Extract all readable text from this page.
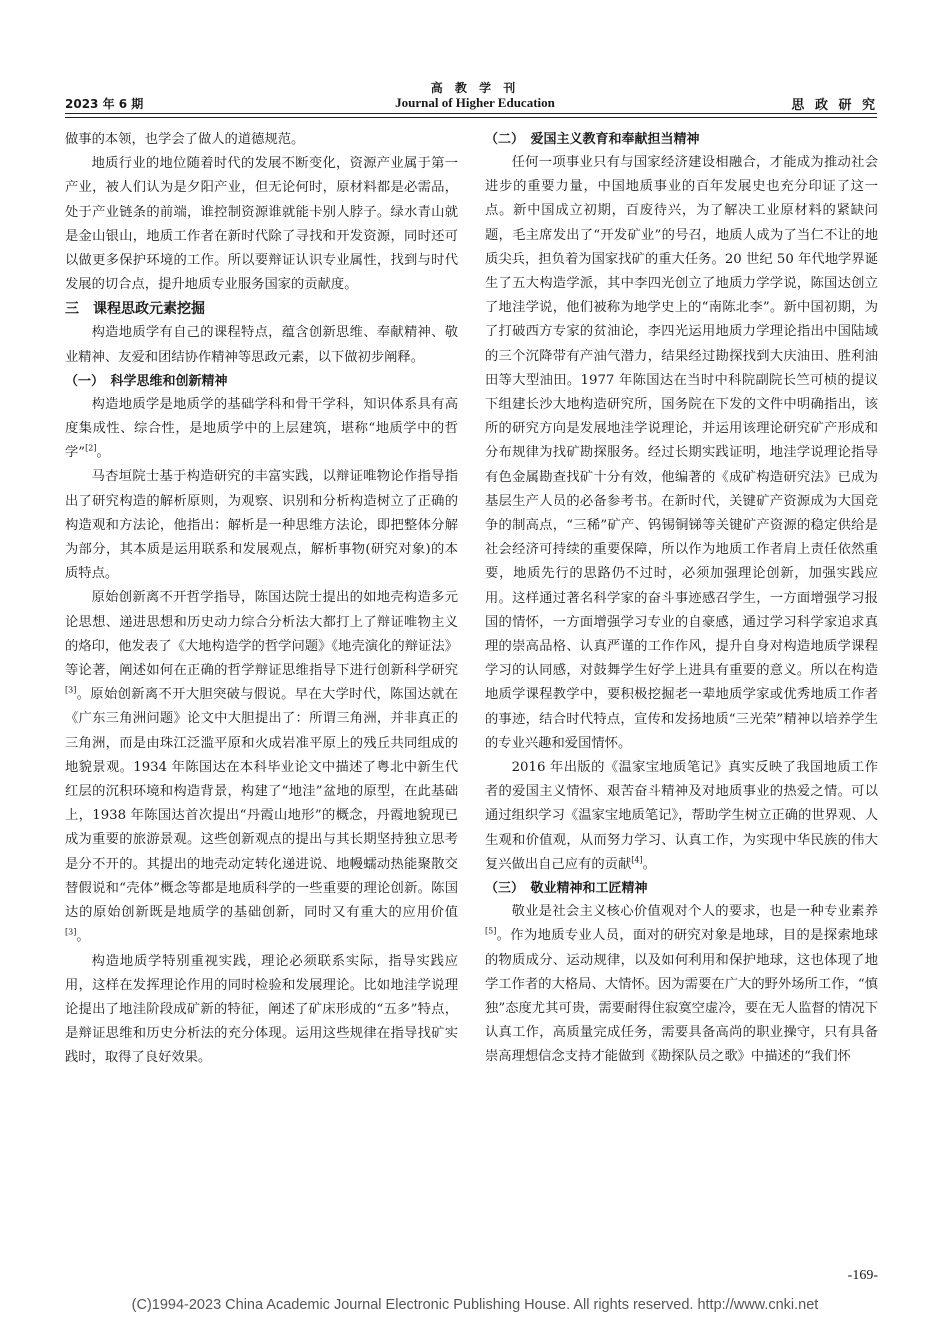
高 教 学 刊
2023 年 6 期	Journal of Higher Education	思 政 研 究

做事的本领，也学会了做人的道德规范。

地质行业的地位随着时代的发展不断变化，资源产业属于第一产业，被人们认为是夕阳产业，但无论何时，原材料都是必需品，处于产业链条的前端，谁控制资源谁就能卡别人脖子。绿水青山就是金山银山，地质工作者在新时代除了寻找和开发资源，同时还可以做更多保护环境的工作。所以要辩证认识专业属性，找到与时代发展的切合点，提升地质专业服务国家的贡献度。

三　课程思政元素挖掘

构造地质学有自己的课程特点，蕴含创新思维、奉献精神、敬业精神、友爱和团结协作精神等思政元素，以下做初步阐释。

（一）　科学思维和创新精神

构造地质学是地质学的基础学科和骨干学科，知识体系具有高度集成性、综合性，是地质学中的上层建筑，堪称“地质学中的哲学”[2]。

马杏垣院士基于构造研究的丰富实践，以辩证唯物论作指导指出了研究构造的解析原则，为观察、识别和分析构造树立了正确的构造观和方法论，他指出：解析是一种思维方法论，即把整体分解为部分，其本质是运用联系和发展观点，解析事物(研究对象)的本质特点。

原始创新离不开哲学指导，陈国达院士提出的如地壳构造多元论思想、递进思想和历史动力综合分析法大都打上了辩证唯物主义的烙印，他发表了《大地构造学的哲学问题》《地壳演化的辩证法》等论著，阐述如何在正确的哲学辩证思维指导下进行创新科学研究[3]。原始创新离不开大胆突破与假说。早在大学时代，陈国达就在《广东三角洲问题》论文中大胆提出了：所谓三角洲，并非真正的三角洲，而是由珠江泛滥平原和火成岩准平原上的残丘共同组成的地貌景观。1934 年陈国达在本科毕业论文中描述了粤北中新生代红层的沉积环境和构造背景，构建了“地洼”盆地的原型，在此基础上，1938 年陈国达首次提出“丹霞山地形”的概念，丹霞地貌现已成为重要的旅游景观。这些创新观点的提出与其长期坚持独立思考是分不开的。其提出的地壳动定转化递进说、地幔蠕动热能聚散交替假说和“壳体”概念等都是地质科学的一些重要的理论创新。陈国达的原始创新既是地质学的基础创新，同时又有重大的应用价值[3]。

构造地质学特别重视实践，理论必须联系实际，指导实践应用，这样在发挥理论作用的同时检验和发展理论。比如地洼学说理论提出了地洼阶段成矿新的特征，阐述了矿床形成的“五多”特点，是辩证思维和历史分析法的充分体现。运用这些规律在指导找矿实践时，取得了良好效果。

（二）　爱国主义教育和奉献担当精神

任何一项事业只有与国家经济建设相融合，才能成为推动社会进步的重要力量，中国地质事业的百年发展史也充分印证了这一点。新中国成立初期，百废待兴，为了解决工业原材料的紧缺问题，毛主席发出了“开发矿业”的号召，地质人成为了当仁不让的地质尖兵，担负着为国家找矿的重大任务。20 世纪 50 年代地学界诞生了五大构造学派，其中李四光创立了地质力学学说，陈国达创立了地洼学说，他们被称为地学史上的“南陈北李”。新中国初期，为了打破西方专家的贫油论，李四光运用地质力学理论指出中国陆域的三个沉降带有产油气潜力，结果经过勘探找到大庆油田、胜利油田等大型油田。1977 年陈国达在当时中科院副院长竺可桢的提议下组建长沙大地构造研究所，国务院在下发的文件中明确指出，该所的研究方向是发展地洼学说理论，并运用该理论研究矿产形成和分布规律为找矿勘探服务。经过长期实践证明，地洼学说理论指导有色金属勘查找矿十分有效，他编著的《成矿构造研究法》已成为基层生产人员的必备参考书。在新时代，关键矿产资源成为大国竞争的制高点，“三稀”矿产、钨锡铜锑等关键矿产资源的稳定供给是社会经济可持续的重要保障，所以作为地质工作者肩上责任依然重要，地质先行的思路仍不过时，必须加强理论创新，加强实践应用。这样通过著名科学家的奋斗事迹感召学生，一方面增强学习报国的情怀，一方面增强学习专业的自豪感，通过学习科学家追求真理的崇高品格、认真严谨的工作作风，提升自身对构造地质学课程学习的认同感，对鼓舞学生好学上进具有重要的意义。所以在构造地质学课程教学中，要积极挖掘老一辈地质学家或优秀地质工作者的事迹，结合时代特点，宣传和发扬地质“三光荣”精神以培养学生的专业兴趣和爱国情怀。

2016 年出版的《温家宝地质笔记》真实反映了我国地质工作者的爱国主义情怀、艰苦奋斗精神及对地质事业的热爱之情。可以通过组织学习《温家宝地质笔记》，帮助学生树立正确的世界观、人生观和价值观，从而努力学习、认真工作，为实现中华民族的伟大复兴做出自己应有的贡献[4]。

（三）　敬业精神和工匠精神

敬业是社会主义核心价值观对个人的要求，也是一种专业素养[5]。作为地质专业人员，面对的研究对象是地球，目的是探索地球的物质成分、运动规律，以及如何利用和保护地球，这也体现了地学工作者的大格局、大情怀。因为需要在广大的野外场所工作，“慎独”态度尤其可贵，需要耐得住寂寞空虚冷，要在无人监督的情况下认真工作，高质量完成任务，需要具备高尚的职业操守，只有具备崇高理想信念支持才能做到《勘探队员之歌》中描述的“我们怀

-169-
(C)1994-2023 China Academic Journal Electronic Publishing House. All rights reserved. http://www.cnki.net
